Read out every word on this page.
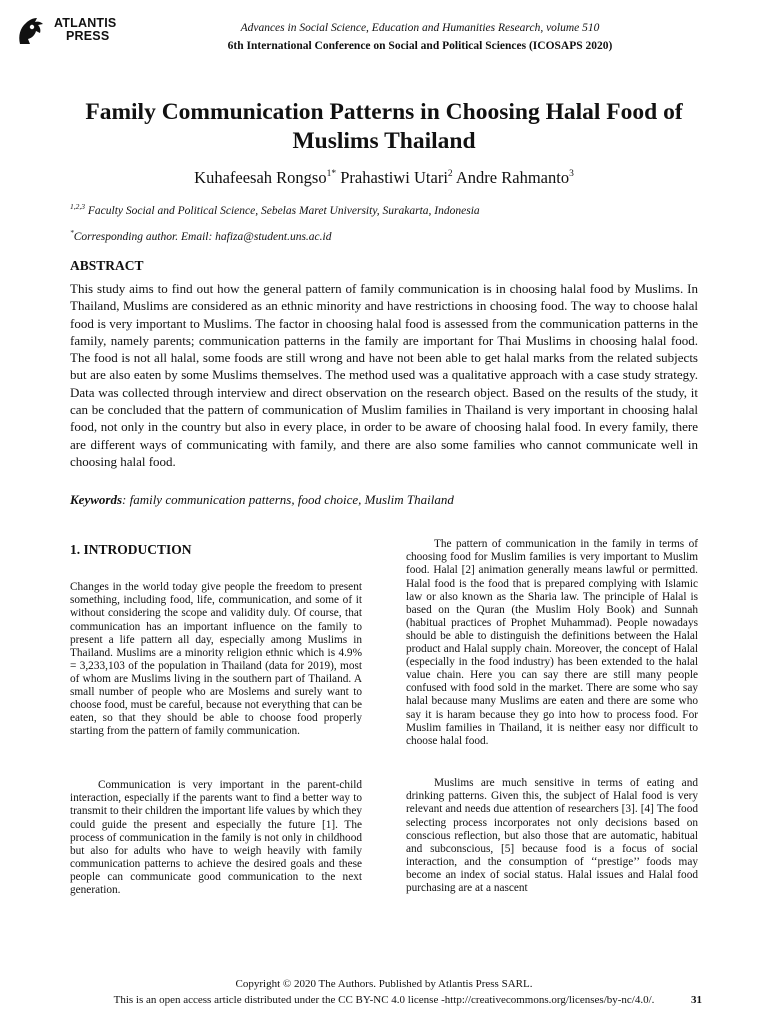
ATLANTIS
PRESS
Advances in Social Science, Education and Humanities Research, volume 510
6th International Conference on Social and Political Sciences (ICOSAPS 2020)
Family Communication Patterns in Choosing Halal Food of Muslims Thailand
Kuhafeesah Rongso$^{1*}$ Prahastiwi Utari$^2$ Andre Rahmanto$^3$
$^{1,2,3}$ Faculty Social and Political Science, Sebelas Maret University, Surakarta, Indonesia
*Corresponding author. Email: hafiza@student.uns.ac.id
ABSTRACT

This study aims to find out how the general pattern of family communication is in choosing halal food by Muslims. In Thailand, Muslims are considered as an ethnic minority and have restrictions in choosing food. The way to choose halal food is very important to Muslims. The factor in choosing halal food is assessed from the communication patterns in the family, namely parents; communication patterns in the family are important for Thai Muslims in choosing halal food. The food is not all halal, some foods are still wrong and have not been able to get halal marks from the related subjects but are also eaten by some Muslims themselves. The method used was a qualitative approach with a case study strategy. Data was collected through interview and direct observation on the research object. Based on the results of the study, it can be concluded that the pattern of communication of Muslim families in Thailand is very important in choosing halal food, not only in the country but also in every place, in order to be aware of choosing halal food. In every family, there are different ways of communicating with family, and there are also some families who cannot communicate well in choosing halal food.

Keywords: family communication patterns, food choice, Muslim Thailand
1. INTRODUCTION

Changes in the world today give people the freedom to present something, including food, life, communication, and some of it without considering the scope and validity duly. Of course, that communication has an important influence on the family to present a life pattern all day, especially among Muslims in Thailand. Muslims are a minority religion ethnic which is 4.9% = 3,233,103 of the population in Thailand (data for 2019), most of whom are Muslims living in the southern part of Thailand. A small number of people who are Moslems and surely want to choose food, must be careful, because not everything that can be eaten, so that they should be able to choose food properly starting from the pattern of family communication.

Communication is very important in the parent-child interaction, especially if the parents want to find a better way to transmit to their children the important life values by which they could guide the present and especially the future [1]. The process of communication in the family is not only in childhood but also for adults who have to weigh heavily with family communication patterns to achieve the desired goals and these people can communicate good communication to the next generation.

The pattern of communication in the family in terms of choosing food for Muslim families is very important to Muslim food. Halal [2] animation generally means lawful or permitted. Halal food is the food that is prepared complying with Islamic law or also known as the Sharia law. The principle of Halal is based on the Quran (the Muslim Holy Book) and Sunnah (habitual practices of Prophet Muhammad). People nowadays should be able to distinguish the definitions between the Halal product and Halal supply chain. Moreover, the concept of Halal (especially in the food industry) has been extended to the halal value chain. Here you can say there are still many people confused with food sold in the market. There are some who say halal because many Muslims are eaten and there are some who say it is haram because they go into how to process food. For Muslim families in Thailand, it is neither easy nor difficult to choose halal food.

Muslims are much sensitive in terms of eating and drinking patterns. Given this, the subject of Halal food is very relevant and needs due attention of researchers [3]. [4] The food selecting process incorporates not only decisions based on conscious reflection, but also those that are automatic, habitual and subconscious, [5] because food is a focus of social interaction, and the consumption of ‘‘prestige’’ foods may become an index of social status. Halal issues and Halal food purchasing are at a nascent

Copyright © 2020 The Authors. Published by Atlantis Press SARL.
This is an open access article distributed under the CC BY-NC 4.0 license -http://creativecommons.org/licenses/by-nc/4.0/.	31
